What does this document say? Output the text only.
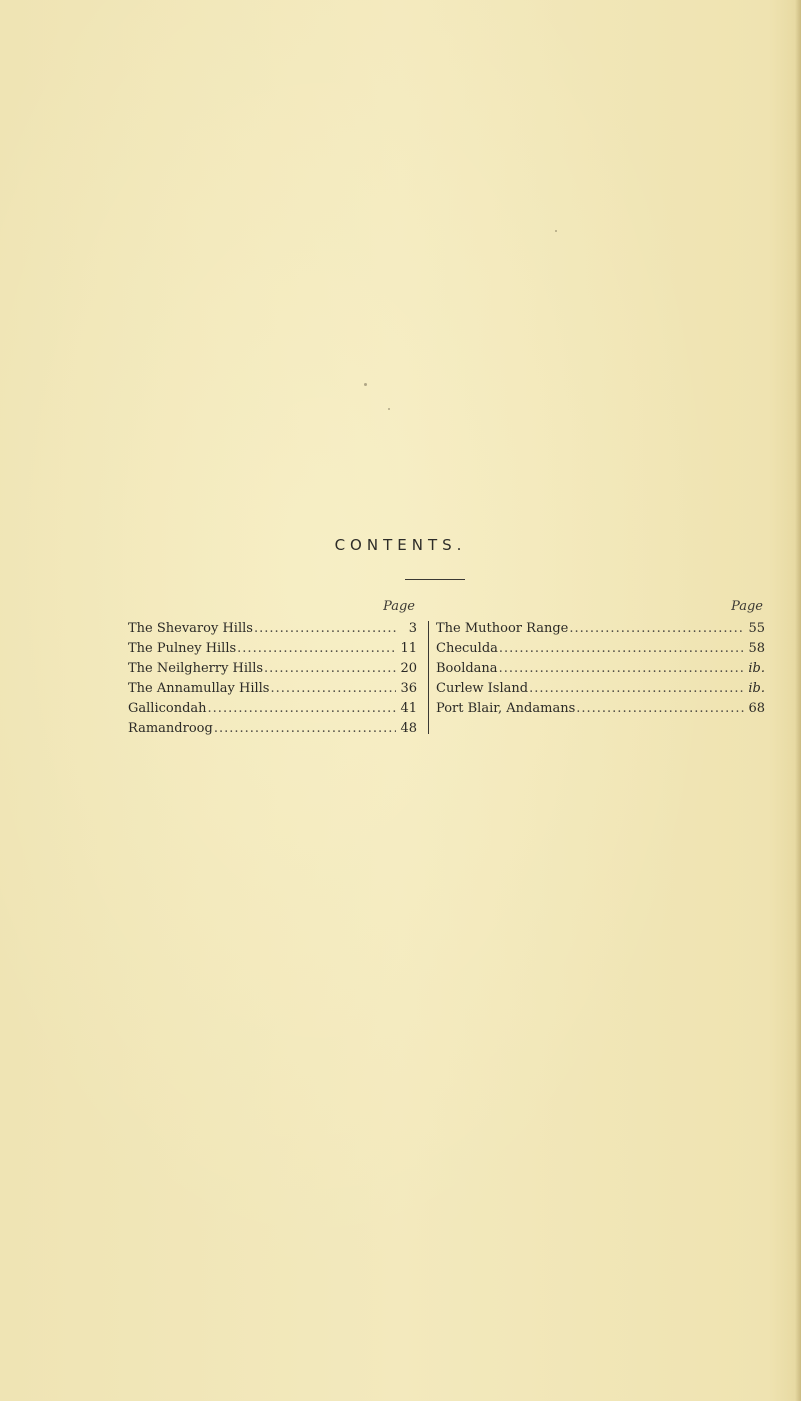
CONTENTS.
Page
The Shevaroy Hills .....	3
The Pulney Hills .....	11
The Neilgherry Hills .....	20
The Annamullay Hills .....	36
Gallicondah .....	41
Ramandroog .....	48
Page
The Muthoor Range .....	55
Checulda .....	58
Booldana .....	ib.
Curlew Island .....	ib.
Port Blair, Andamans .....	68
